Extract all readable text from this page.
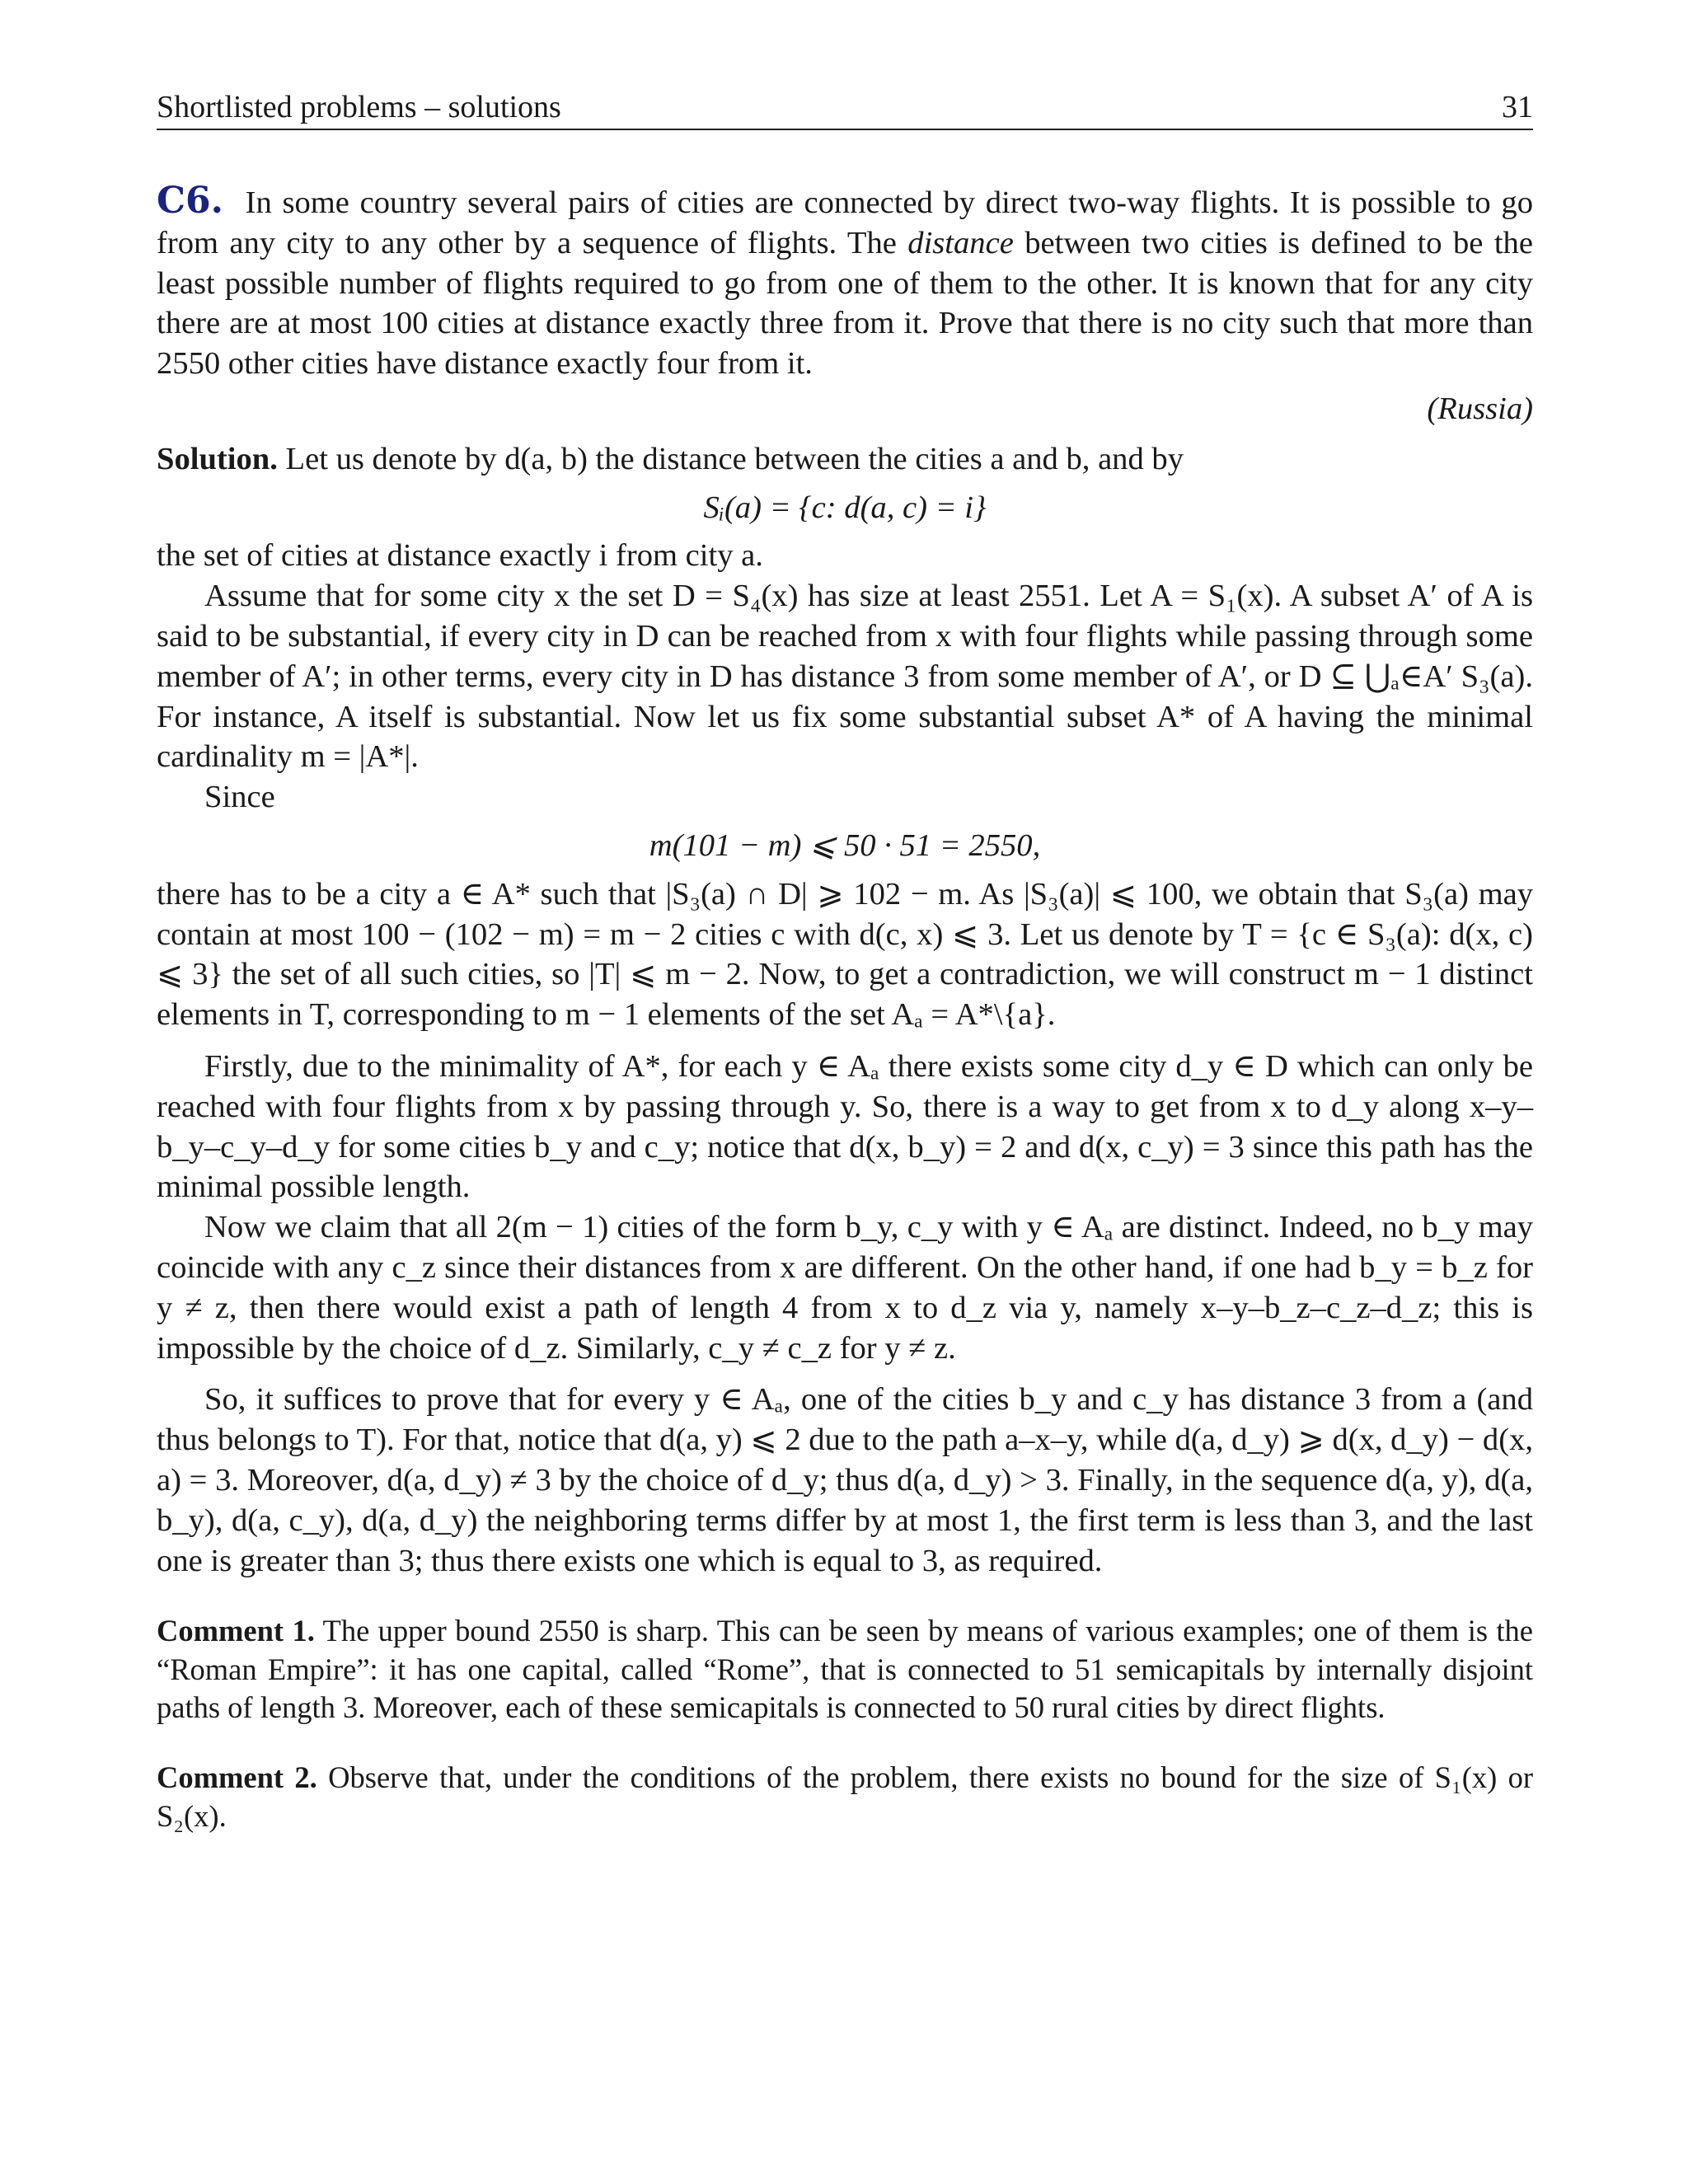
Shortlisted problems – solutions	31

C6. In some country several pairs of cities are connected by direct two-way flights. It is possible to go from any city to any other by a sequence of flights. The distance between two cities is defined to be the least possible number of flights required to go from one of them to the other. It is known that for any city there are at most 100 cities at distance exactly three from it. Prove that there is no city such that more than 2550 other cities have distance exactly four from it.

(Russia)

Solution. Let us denote by d(a, b) the distance between the cities a and b, and by

Sᵢ(a) = {c: d(a, c) = i}

the set of cities at distance exactly i from city a.

Assume that for some city x the set D = S₄(x) has size at least 2551. Let A = S₁(x). A subset A′ of A is said to be substantial, if every city in D can be reached from x with four flights while passing through some member of A′; in other terms, every city in D has distance 3 from some member of A′, or D ⊆ ⋃ₐ∈A′ S₃(a). For instance, A itself is substantial. Now let us fix some substantial subset A* of A having the minimal cardinality m = |A*|.

Since

m(101 − m) ⩽ 50 · 51 = 2550,

there has to be a city a ∈ A* such that |S₃(a) ∩ D| ⩾ 102 − m. As |S₃(a)| ⩽ 100, we obtain that S₃(a) may contain at most 100 − (102 − m) = m − 2 cities c with d(c, x) ⩽ 3. Let us denote by T = {c ∈ S₃(a): d(x, c) ⩽ 3} the set of all such cities, so |T| ⩽ m − 2. Now, to get a contradiction, we will construct m − 1 distinct elements in T, corresponding to m − 1 elements of the set Aₐ = A*\{a}.

Firstly, due to the minimality of A*, for each y ∈ Aₐ there exists some city d_y ∈ D which can only be reached with four flights from x by passing through y. So, there is a way to get from x to d_y along x–y–b_y–c_y–d_y for some cities b_y and c_y; notice that d(x, b_y) = 2 and d(x, c_y) = 3 since this path has the minimal possible length.

Now we claim that all 2(m − 1) cities of the form b_y, c_y with y ∈ Aₐ are distinct. Indeed, no b_y may coincide with any c_z since their distances from x are different. On the other hand, if one had b_y = b_z for y ≠ z, then there would exist a path of length 4 from x to d_z via y, namely x–y–b_z–c_z–d_z; this is impossible by the choice of d_z. Similarly, c_y ≠ c_z for y ≠ z.

So, it suffices to prove that for every y ∈ Aₐ, one of the cities b_y and c_y has distance 3 from a (and thus belongs to T). For that, notice that d(a, y) ⩽ 2 due to the path a–x–y, while d(a, d_y) ⩾ d(x, d_y) − d(x, a) = 3. Moreover, d(a, d_y) ≠ 3 by the choice of d_y; thus d(a, d_y) > 3. Finally, in the sequence d(a, y), d(a, b_y), d(a, c_y), d(a, d_y) the neighboring terms differ by at most 1, the first term is less than 3, and the last one is greater than 3; thus there exists one which is equal to 3, as required.

Comment 1. The upper bound 2550 is sharp. This can be seen by means of various examples; one of them is the “Roman Empire”: it has one capital, called “Rome”, that is connected to 51 semicapitals by internally disjoint paths of length 3. Moreover, each of these semicapitals is connected to 50 rural cities by direct flights.

Comment 2. Observe that, under the conditions of the problem, there exists no bound for the size of S₁(x) or S₂(x).
